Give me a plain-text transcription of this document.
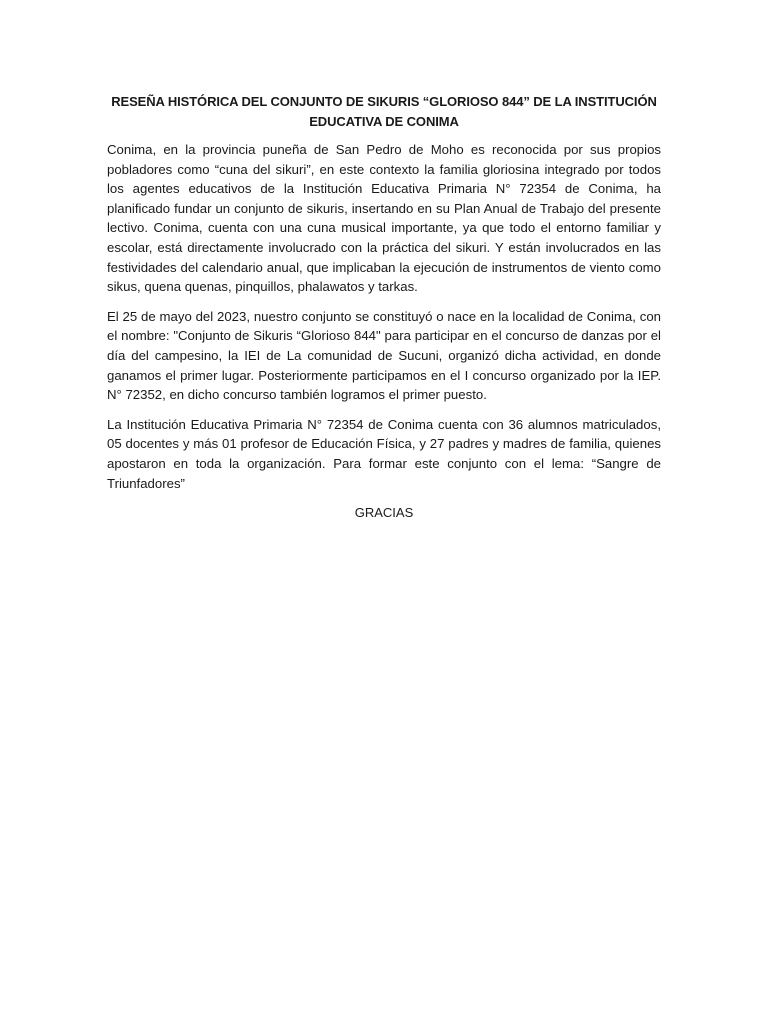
RESEÑA HISTÓRICA DEL CONJUNTO DE SIKURIS “GLORIOSO 844” DE LA INSTITUCIÓN EDUCATIVA DE CONIMA

Conima, en la provincia puneña de San Pedro de Moho es reconocida por sus propios pobladores como “cuna del sikuri”, en este contexto la familia gloriosina integrado por todos los agentes educativos de la Institución Educativa Primaria N° 72354 de Conima, ha planificado fundar un conjunto de sikuris, insertando en su Plan Anual de Trabajo del presente lectivo. Conima, cuenta con una cuna musical importante, ya que todo el entorno familiar y escolar, está directamente involucrado con la práctica del sikuri. Y están involucrados en las festividades del calendario anual, que implicaban la ejecución de instrumentos de viento como sikus, quena quenas, pinquillos, phalawatos y tarkas.

El 25 de mayo del 2023, nuestro conjunto se constituyó o nace en la localidad de Conima, con el nombre: "Conjunto de Sikuris “Glorioso 844" para participar en el concurso de danzas por el día del campesino, la IEI de La comunidad de Sucuni, organizó dicha actividad, en donde ganamos el primer lugar. Posteriormente participamos en el I concurso organizado por la IEP. N° 72352, en dicho concurso también logramos el primer puesto.

La Institución Educativa Primaria N° 72354 de Conima cuenta con 36 alumnos matriculados, 05 docentes y más 01 profesor de Educación Física, y 27 padres y madres de familia, quienes apostaron en toda la organización. Para formar este conjunto con el lema: “Sangre de Triunfadores”

GRACIAS
